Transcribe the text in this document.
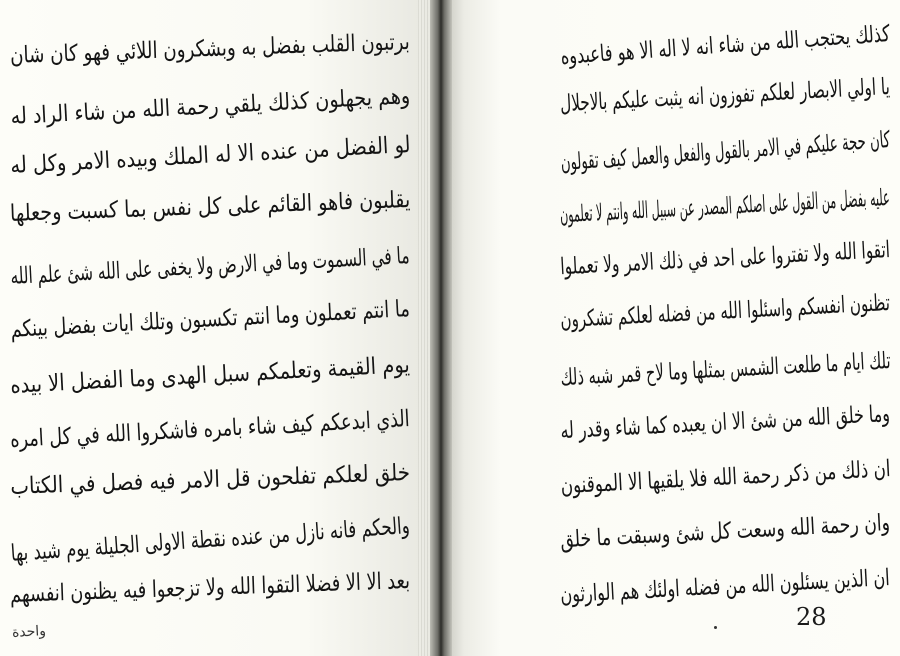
برتبون القلب بفضل به وبشكرون اللائي فهو كان شان
وهم يجهلون كذلك يلقي رحمة الله من شاء الراد له
لو الفضل من عنده الا له الملك وبيده الامر وكل له
يقلبون فاهو القائم على كل نفس بما كسبت وجعلها
ما في السموت وما في الارض ولا يخفى على الله شئ علم الله
ما انتم تعملون وما انتم تكسبون وتلك ايات بفضل بينكم
يوم القيمة وتعلمكم سبل الهدى وما الفضل الا بيده
الذي ابدعكم كيف شاء بامره فاشكروا الله في كل امره
خلق لعلكم تفلحون قل الامر فيه فصل في الكتاب
والحكم فانه نازل من عنده نقطة الاولى الجليلة يوم شيد بها
بعد الا الا فضلا التقوا الله ولا تزجعوا فيه يظنون انفسهم
واحدة
كذلك يحتجب الله من شاء انه لا اله الا هو فاعبدوه
يا اولي الابصار لعلكم تفوزون انه يثبت عليكم بالاجلال
كان حجة عليكم في الامر بالقول والفعل والعمل كيف تقولون
عليه بفضل من القول على اصلكم المصدر عن سبيل الله وانتم لا تعلمون
اتقوا الله ولا تفتروا على احد في ذلك الامر ولا تعملوا
تظنون انفسكم واسئلوا الله من فضله لعلكم تشكرون
تلك ايام ما طلعت الشمس بمثلها وما لاح قمر شبه ذلك
وما خلق الله من شئ الا ان يعبده كما شاء وقدر له
ان ذلك من ذكر رحمة الله فلا يلقيها الا الموقنون
وان رحمة الله وسعت كل شئ وسبقت ما خلق
ان الذين يسئلون الله من فضله اولئك هم الوارثون
28
